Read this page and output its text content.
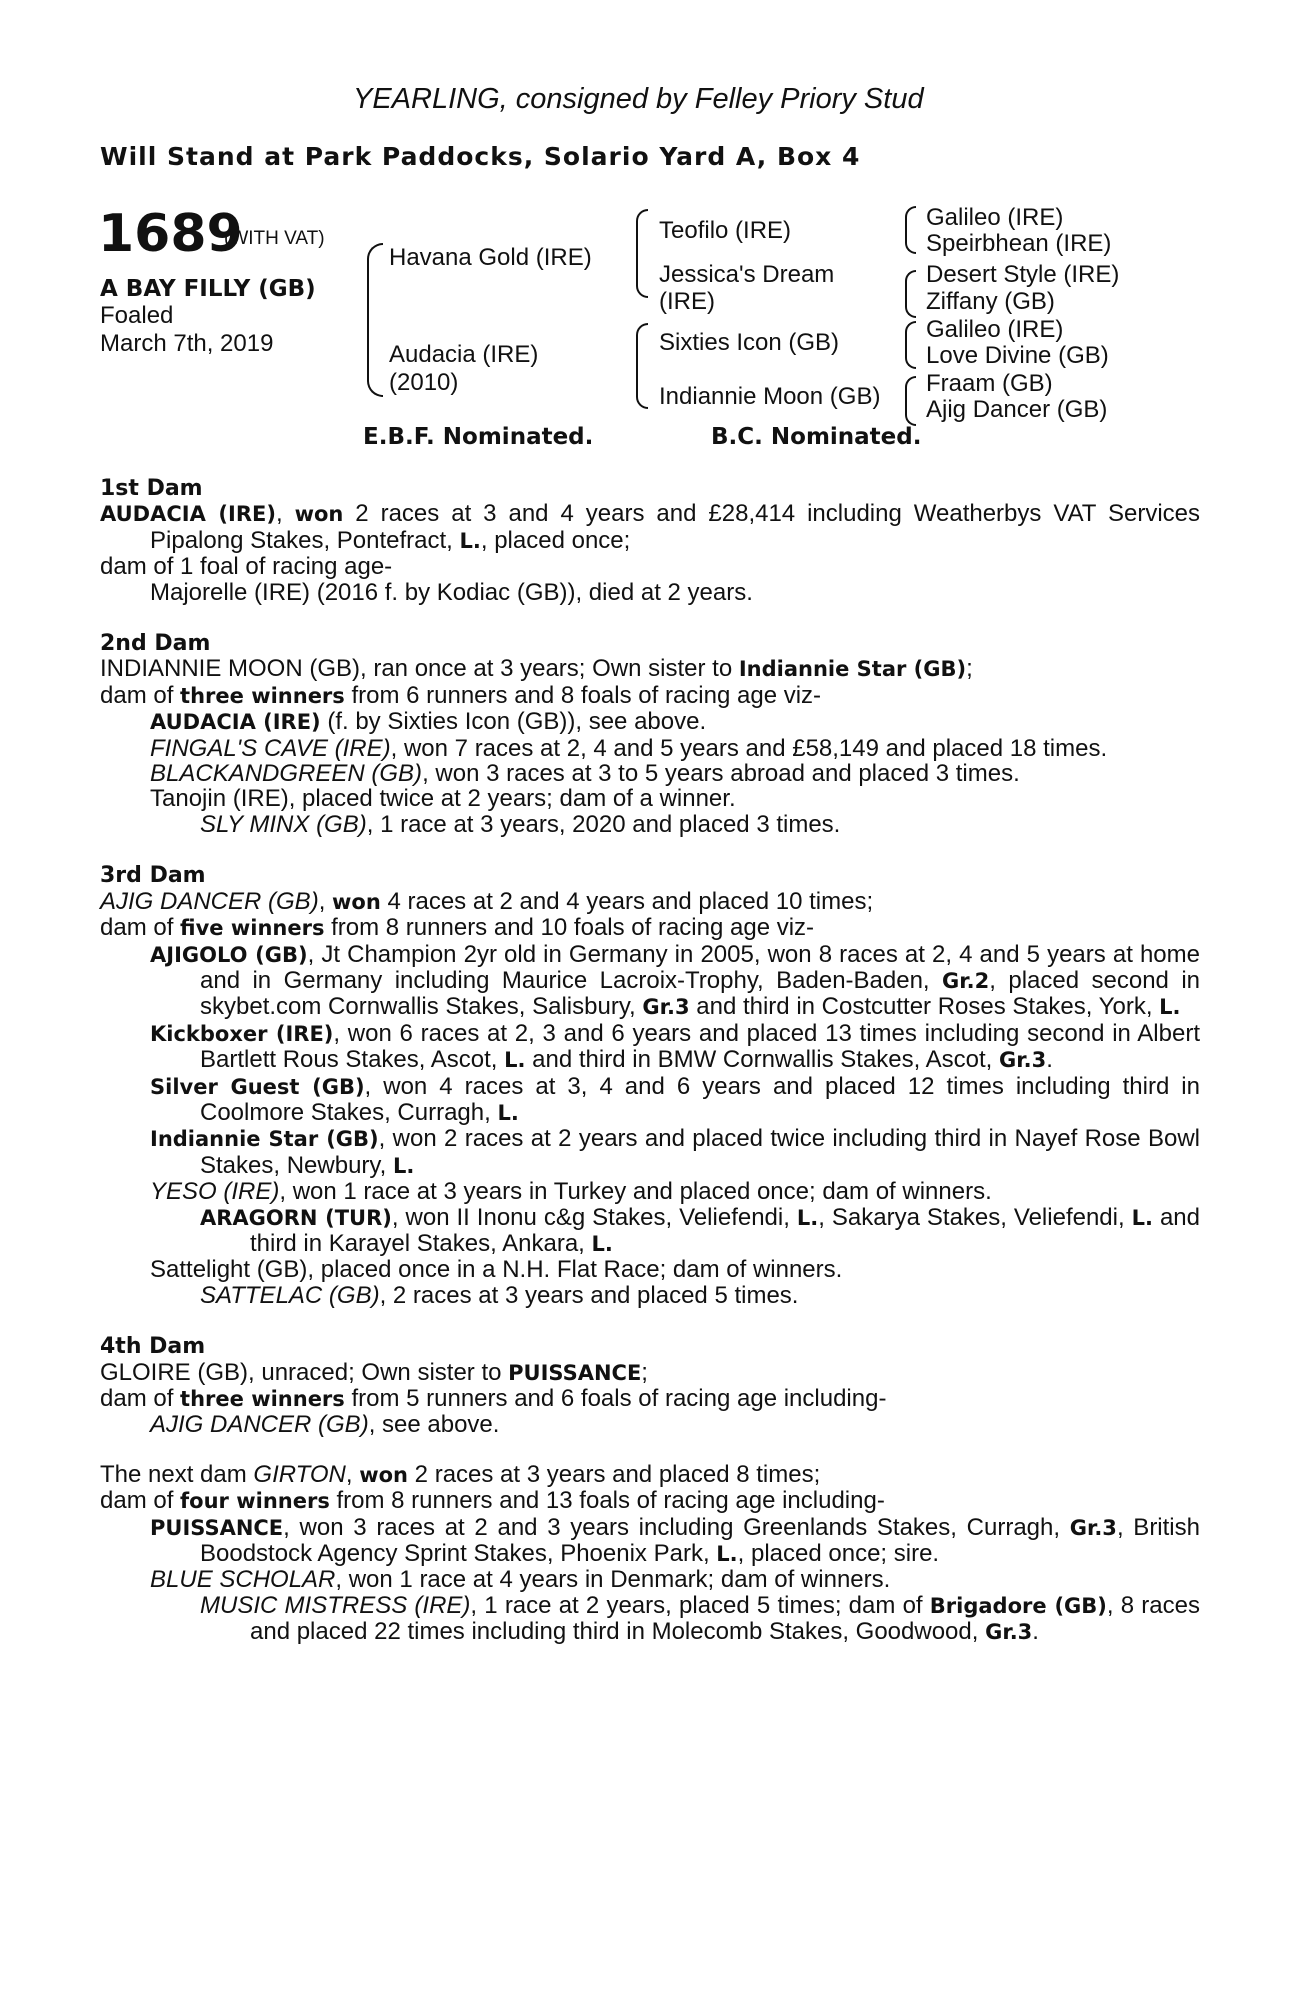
YEARLING, consigned by Felley Priory Stud
Will Stand at Park Paddocks, Solario Yard A, Box 4
1689
(WITH VAT)
A BAY FILLY (GB)
Foaled
March 7th, 2019
Havana Gold (IRE)
Audacia (IRE)
(2010)
Teofilo (IRE)
Jessica's Dream
(IRE)
Sixties Icon (GB)
Indiannie Moon (GB)
Galileo (IRE)
Speirbhean (IRE)
Desert Style (IRE)
Ziffany (GB)
Galileo (IRE)
Love Divine (GB)
Fraam (GB)
Ajig Dancer (GB)
E.B.F. Nominated.	B.C. Nominated.

1st Dam

AUDACIA (IRE), won 2 races at 3 and 4 years and £28,414 including Weatherbys VAT Services Pipalong Stakes, Pontefract, L., placed once;

dam of 1 foal of racing age-

Majorelle (IRE) (2016 f. by Kodiac (GB)), died at 2 years.

2nd Dam

INDIANNIE MOON (GB), ran once at 3 years; Own sister to Indiannie Star (GB);

dam of three winners from 6 runners and 8 foals of racing age viz-

AUDACIA (IRE) (f. by Sixties Icon (GB)), see above.

FINGAL'S CAVE (IRE), won 7 races at 2, 4 and 5 years and £58,149 and placed 18 times.

BLACKANDGREEN (GB), won 3 races at 3 to 5 years abroad and placed 3 times.

Tanojin (IRE), placed twice at 2 years; dam of a winner.

SLY MINX (GB), 1 race at 3 years, 2020 and placed 3 times.

3rd Dam

AJIG DANCER (GB), won 4 races at 2 and 4 years and placed 10 times;

dam of five winners from 8 runners and 10 foals of racing age viz-

AJIGOLO (GB), Jt Champion 2yr old in Germany in 2005, won 8 races at 2, 4 and 5 years at home and in Germany including Maurice Lacroix-Trophy, Baden-Baden, Gr.2, placed second in skybet.com Cornwallis Stakes, Salisbury, Gr.3 and third in Costcutter Roses Stakes, York, L.

Kickboxer (IRE), won 6 races at 2, 3 and 6 years and placed 13 times including second in Albert Bartlett Rous Stakes, Ascot, L. and third in BMW Cornwallis Stakes, Ascot, Gr.3.

Silver Guest (GB), won 4 races at 3, 4 and 6 years and placed 12 times including third in Coolmore Stakes, Curragh, L.

Indiannie Star (GB), won 2 races at 2 years and placed twice including third in Nayef Rose Bowl Stakes, Newbury, L.

YESO (IRE), won 1 race at 3 years in Turkey and placed once; dam of winners.

ARAGORN (TUR), won II Inonu c&g Stakes, Veliefendi, L., Sakarya Stakes, Veliefendi, L. and third in Karayel Stakes, Ankara, L.

Sattelight (GB), placed once in a N.H. Flat Race; dam of winners.

SATTELAC (GB), 2 races at 3 years and placed 5 times.

4th Dam

GLOIRE (GB), unraced; Own sister to PUISSANCE;

dam of three winners from 5 runners and 6 foals of racing age including-

AJIG DANCER (GB), see above.

The next dam GIRTON, won 2 races at 3 years and placed 8 times;

dam of four winners from 8 runners and 13 foals of racing age including-

PUISSANCE, won 3 races at 2 and 3 years including Greenlands Stakes, Curragh, Gr.3, British Boodstock Agency Sprint Stakes, Phoenix Park, L., placed once; sire.

BLUE SCHOLAR, won 1 race at 4 years in Denmark; dam of winners.

MUSIC MISTRESS (IRE), 1 race at 2 years, placed 5 times; dam of Brigadore (GB), 8 races and placed 22 times including third in Molecomb Stakes, Goodwood, Gr.3.
